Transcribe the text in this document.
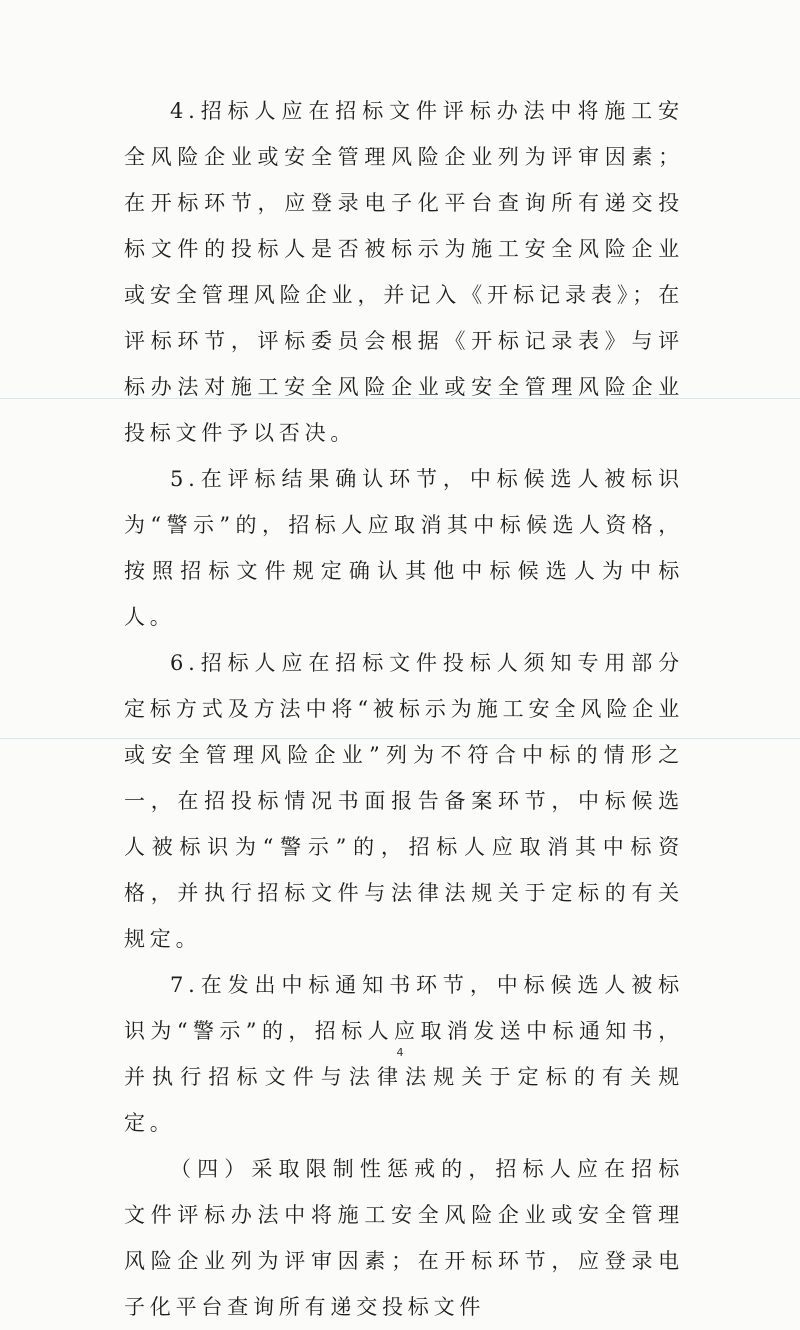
4.招标人应在招标文件评标办法中将施工安全风险企业或安全管理风险企业列为评审因素；在开标环节，应登录电子化平台查询所有递交投标文件的投标人是否被标示为施工安全风险企业或安全管理风险企业，并记入《开标记录表》；在评标环节，评标委员会根据《开标记录表》与评标办法对施工安全风险企业或安全管理风险企业投标文件予以否决。

5.在评标结果确认环节，中标候选人被标识为“警示”的，招标人应取消其中标候选人资格，按照招标文件规定确认其他中标候选人为中标人。

6.招标人应在招标文件投标人须知专用部分定标方式及方法中将“被标示为施工安全风险企业或安全管理风险企业”列为不符合中标的情形之一，在招投标情况书面报告备案环节，中标候选人被标识为“警示”的，招标人应取消其中标资格，并执行招标文件与法律法规关于定标的有关规定。

7.在发出中标通知书环节，中标候选人被标识为“警示”的，招标人应取消发送中标通知书，并执行招标文件与法律法规关于定标的有关规定。

（四）采取限制性惩戒的，招标人应在招标文件评标办法中将施工安全风险企业或安全管理风险企业列为评审因素；在开标环节，应登录电子化平台查询所有递交投标文件

4
